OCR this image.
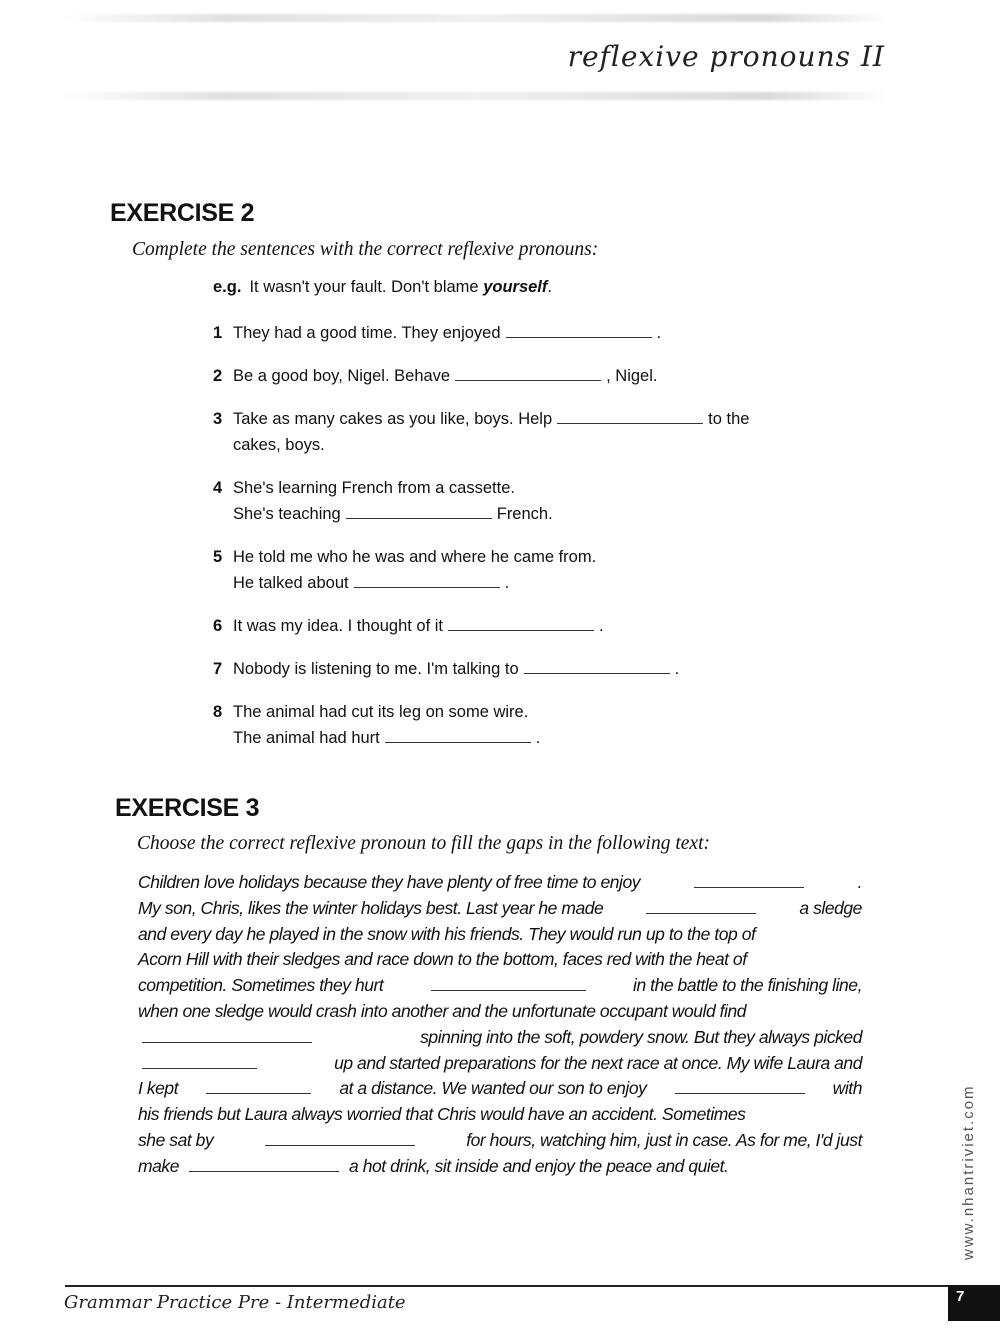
reflexive pronouns II
EXERCISE 2
Complete the sentences with the correct reflexive pronouns:
e.g. It wasn't your fault. Don't blame yourself.
1 They had a good time. They enjoyed	.
2 Be a good boy, Nigel. Behave	, Nigel.
3 Take as many cakes as you like, boys. Help	to the
cakes, boys.
4 She's learning French from a cassette.
She's teaching	French.
5 He told me who he was and where he came from.
He talked about	.
6 It was my idea. I thought of it	.
7 Nobody is listening to me. I'm talking to	.
8 The animal had cut its leg on some wire.
The animal had hurt	.
EXERCISE 3
Choose the correct reflexive pronoun to fill the gaps in the following text:
Children love holidays because they have plenty of free time to enjoy	.
My son, Chris, likes the winter holidays best. Last year he made	a sledge
and every day he played in the snow with his friends. They would run up to the top of
Acorn Hill with their sledges and race down to the bottom, faces red with the heat of
competition. Sometimes they hurt	in the battle to the finishing line,
when one sledge would crash into another and the unfortunate occupant would find
spinning into the soft, powdery snow. But they always picked
up and started preparations for the next race at once. My wife Laura and
I kept	at a distance. We wanted our son to enjoy	with
his friends but Laura always worried that Chris would have an accident. Sometimes
she sat by	for hours, watching him, just in case. As for me, I'd just
make	a hot drink, sit inside and enjoy the peace and quiet.	www.nhantriviet.com
Grammar Practice Pre - Intermediate	7
